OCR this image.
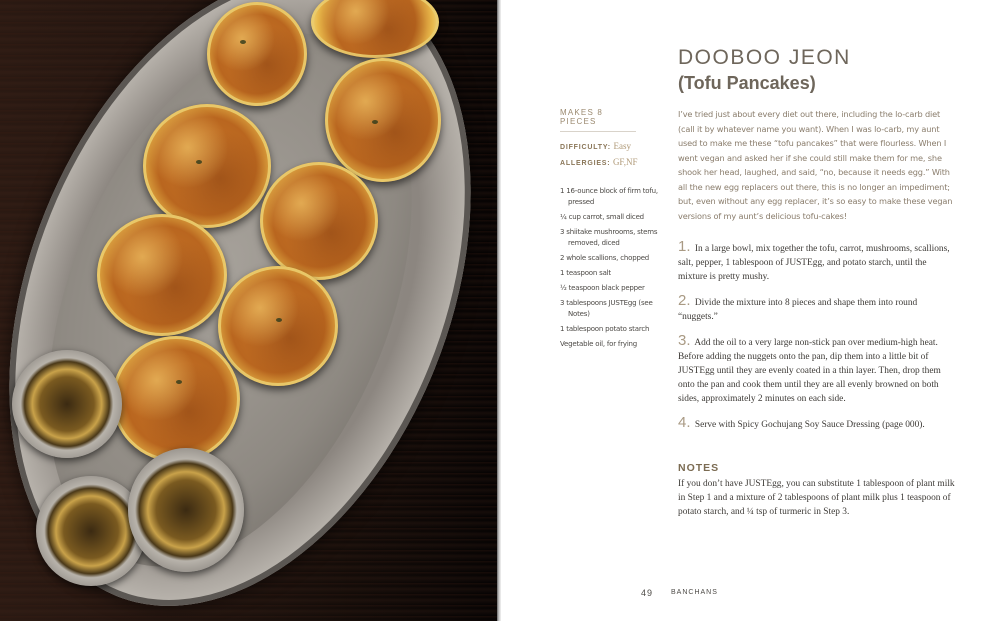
DOOBOO JEON
(Tofu Pancakes)
MAKES 8 PIECES
DIFFICULTY: Easy
ALLERGIES: GF,NF
1 16-ounce block of firm tofu, pressed
¼ cup carrot, small diced
3 shiitake mushrooms, stems removed, diced
2 whole scallions, chopped
1 teaspoon salt
½ teaspoon black pepper
3 tablespoons JUSTEgg (see Notes)
1 tablespoon potato starch
Vegetable oil, for frying

I’ve tried just about every diet out there, including the lo-carb diet (call it by whatever name you want). When I was lo-carb, my aunt used to make me these “tofu pancakes” that were flourless. When I went vegan and asked her if she could still make them for me, she shook her head, laughed, and said, “no, because it needs egg.” With all the new egg replacers out there, this is no longer an impediment; but, even without any egg replacer, it’s so easy to make these vegan versions of my aunt’s delicious tofu-cakes!

1. In a large bowl, mix together the tofu, carrot, mushrooms, scallions, salt, pepper, 1 tablespoon of JUSTEgg, and potato starch, until the mixture is pretty mushy.
2. Divide the mixture into 8 pieces and shape them into round “nuggets.”
3. Add the oil to a very large non-stick pan over medium-high heat. Before adding the nuggets onto the pan, dip them into a little bit of JUSTEgg until they are evenly coated in a thin layer. Then, drop them onto the pan and cook them until they are all evenly browned on both sides, approximately 2 minutes on each side.
4. Serve with Spicy Gochujang Soy Sauce Dressing (page 000).
NOTES

If you don’t have JUSTEgg, you can substitute 1 tablespoon of plant milk in Step 1 and a mixture of 2 tablespoons of plant milk plus 1 teaspoon of potato starch, and ¼ tsp of turmeric in Step 3.

49	BANCHANS
